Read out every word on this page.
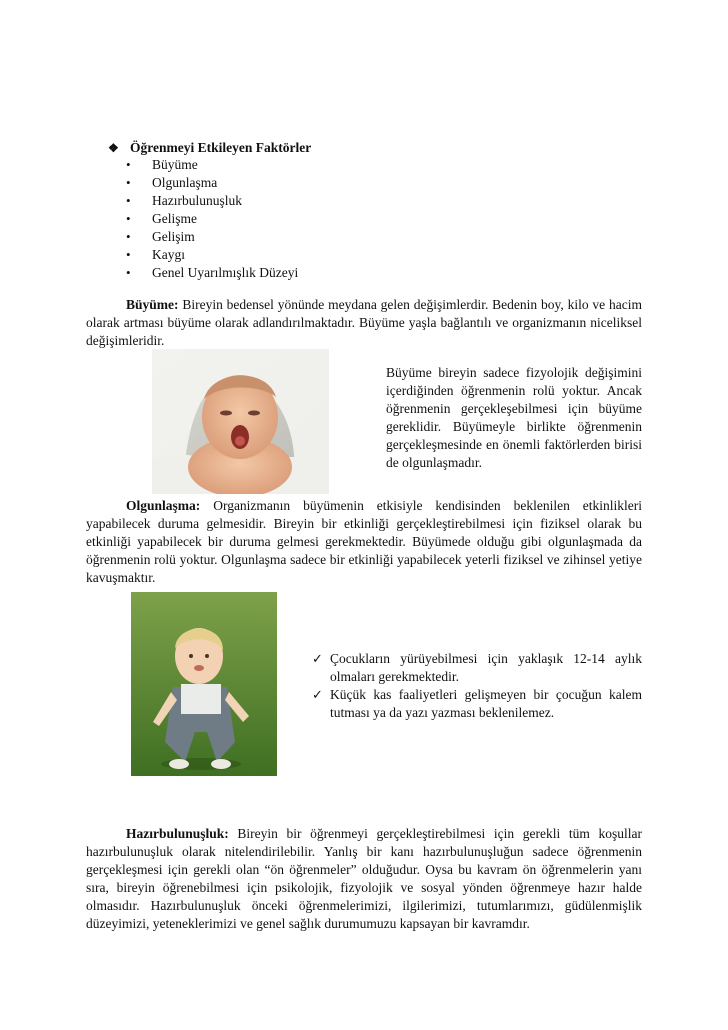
❖ Öğrenmeyi Etkileyen Faktörler
•	Büyüme
•	Olgunlaşma
•	Hazırbulunuşluk
•	Gelişme
•	Gelişim
•	Kaygı
•	Genel Uyarılmışlık Düzeyi

Büyüme: Bireyin bedensel yönünde meydana gelen değişimlerdir. Bedenin boy, kilo ve hacim olarak artması büyüme olarak adlandırılmaktadır. Büyüme yaşla bağlantılı ve organizmanın niceliksel değişimleridir.

Büyüme bireyin sadece fizyolojik değişimini içerdiğinden öğrenmenin rolü yoktur. Ancak öğrenmenin gerçekleşebilmesi için büyüme gereklidir. Büyümeyle birlikte öğrenmenin gerçekleşmesinde en önemli faktörlerden birisi de olgunlaşmadır.

Olgunlaşma: Organizmanın büyümenin etkisiyle kendisinden beklenilen etkinlikleri yapabilecek duruma gelmesidir. Bireyin bir etkinliği gerçekleştirebilmesi için fiziksel olarak bu etkinliği yapabilecek bir duruma gelmesi gerekmektedir. Büyümede olduğu gibi olgunlaşmada da öğrenmenin rolü yoktur. Olgunlaşma sadece bir etkinliği yapabilecek yeterli fiziksel ve zihinsel yetiye kavuşmaktır.

✓ Çocukların yürüyebilmesi için yaklaşık 12-14 aylık olmaları gerekmektedir.
✓ Küçük kas faaliyetleri gelişmeyen bir çocuğun kalem tutması ya da yazı yazması beklenilemez.

Hazırbulunuşluk: Bireyin bir öğrenmeyi gerçekleştirebilmesi için gerekli tüm koşullar hazırbulunuşluk olarak nitelendirilebilir. Yanlış bir kanı hazırbulunuşluğun sadece öğrenmenin gerçekleşmesi için gerekli olan “ön öğrenmeler” olduğudur. Oysa bu kavram ön öğrenmelerin yanı sıra, bireyin öğrenebilmesi için psikolojik, fizyolojik ve sosyal yönden öğrenmeye hazır halde olmasıdır. Hazırbulunuşluk önceki öğrenmelerimizi, ilgilerimizi, tutumlarımızı, güdülenmişlik düzeyimizi, yeteneklerimizi ve genel sağlık durumumuzu kapsayan bir kavramdır.
